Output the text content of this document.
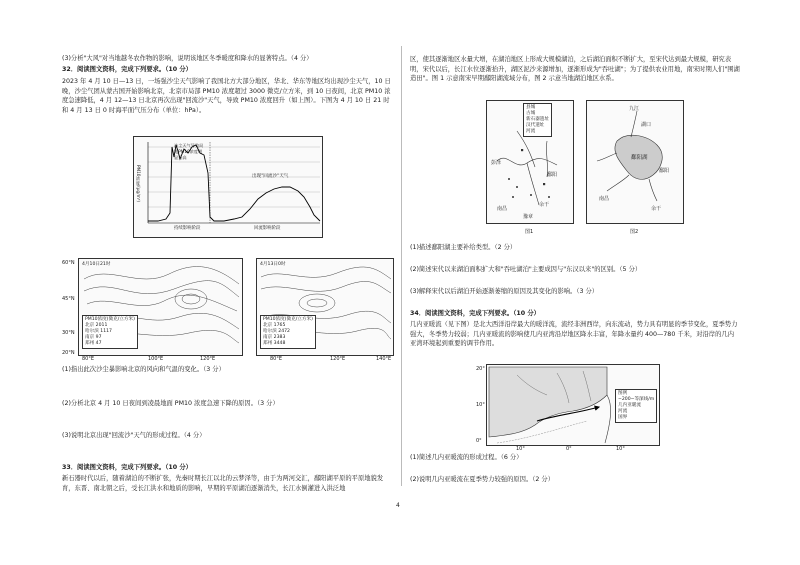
(3)分析"大风"对当地越冬农作物的影响，说明该地区冬季暖度和降水的显著特点。（4 分）
32．阅读图文资料，完成下列要求。（10 分）
2023 年 4 月 10 日—13 日，一场强沙尘天气影响了我国北方大部分地区，华北、华东等地区均出现沙尘天气，10 日晚，沙尘气团从蒙古国开始影响北京，北京市局部 PM10 浓度超过 3000 微克/立方米，到 10 日夜间，北京 PM10 浓度急速降低，4 月 12—13 日北京再次出现"回流沙"天气，导致 PM10 浓度回升（如上图）。下图为 4 月 10 日 21 时和 4 月 13 日 0 时海平面气压分布（单位：hPa）。
PM10浓度/(μg/m³)
沙尘天气导致局地PM10浓度明显升高
出现"回流沙"天气
持续影响阶段	回流影响阶段
4月10日21时
PM10浓度(微克/立方米)
北京 2011
哈尔滨 1117
南京 97
郑州 47
60°N
45°N
30°N
20°N
80°E	100°E	120°E
4月13日0时
PM10浓度(微克/立方米)
北京 1765
哈尔滨 2472
南京 2383
郑州 3448
80°E	120°E	140°E
(1)指出此次沙尘暴影响北京的风向和气温的变化。（3 分）
(2)分析北京 4 月 10 日夜间到凌晨地面 PM10 浓度急速下降的原因。（3 分）
(3)说明北京出现"回流沙"天气的形成过程。（4 分）
33．阅读图文资料，完成下列要求。（10 分）
新石器时代以后，随着湖泊的不断扩张，先秦时期长江以北的云梦泽等，由于为两河交汇，鄱阳湖平原的平原地貌发育，东晋、南北朝之后，受长江洪水和地质的影响，早期的平原湖泊逐渐消失，长江水倒灌进入洪泛地
区，使其逐渐地区水量大增，在湖泊地区上形成大规模湖泊，之后湖泊面积不断扩大，至宋代达到最大规模，研究表明，宋代以后，长江水位逐渐抬升，湖区泥沙来源增加，逐渐形成为"吞吐湖"；为了提供农业用地，南宋时期人们"围湖造田"。图 1 示意南宋早期鄱阳湖流域分布，图 2 示意当地湖泊地区水系。
县城
古城
新石器遗址
汉代遗址
河流
彭泽
鄱阳
余干
南昌
豫章
图1
鄱阳湖
九江
湖口
鄱阳
余干
南昌
图2
(1)描述鄱阳湖主要补给类型。（2 分）
(2)简述宋代以来湖泊面积扩大和"吞吐湖泊"主要成因与"东汉以来"的区别。（5 分）
(3)解释宋代以后湖泊开始逐渐萎缩的原因及其变化的影响。（3 分）
34．阅读图文资料，完成下列要求。（10 分）
几内亚暖流（见下图）是北大西洋沿岸最大的暖洋流，流经非洲西岸，向东流动，势力具有明显的季节变化，夏季势力强大，冬季势力较弱；几内亚暖流的影响使几内亚湾沿岸地区降水丰富，年降水量约 400—780 千米，对沿岸的几内亚湾环境起到重要的调节作用。
图例
−200−等深线/m
几内亚暖流
河流
国界
20°
10°
0°
10°	0°	10°
(1)简述几内亚暖流的形成过程。（6 分）
(2)说明几内亚暖流在夏季势力较强的原因。（2 分）
4
